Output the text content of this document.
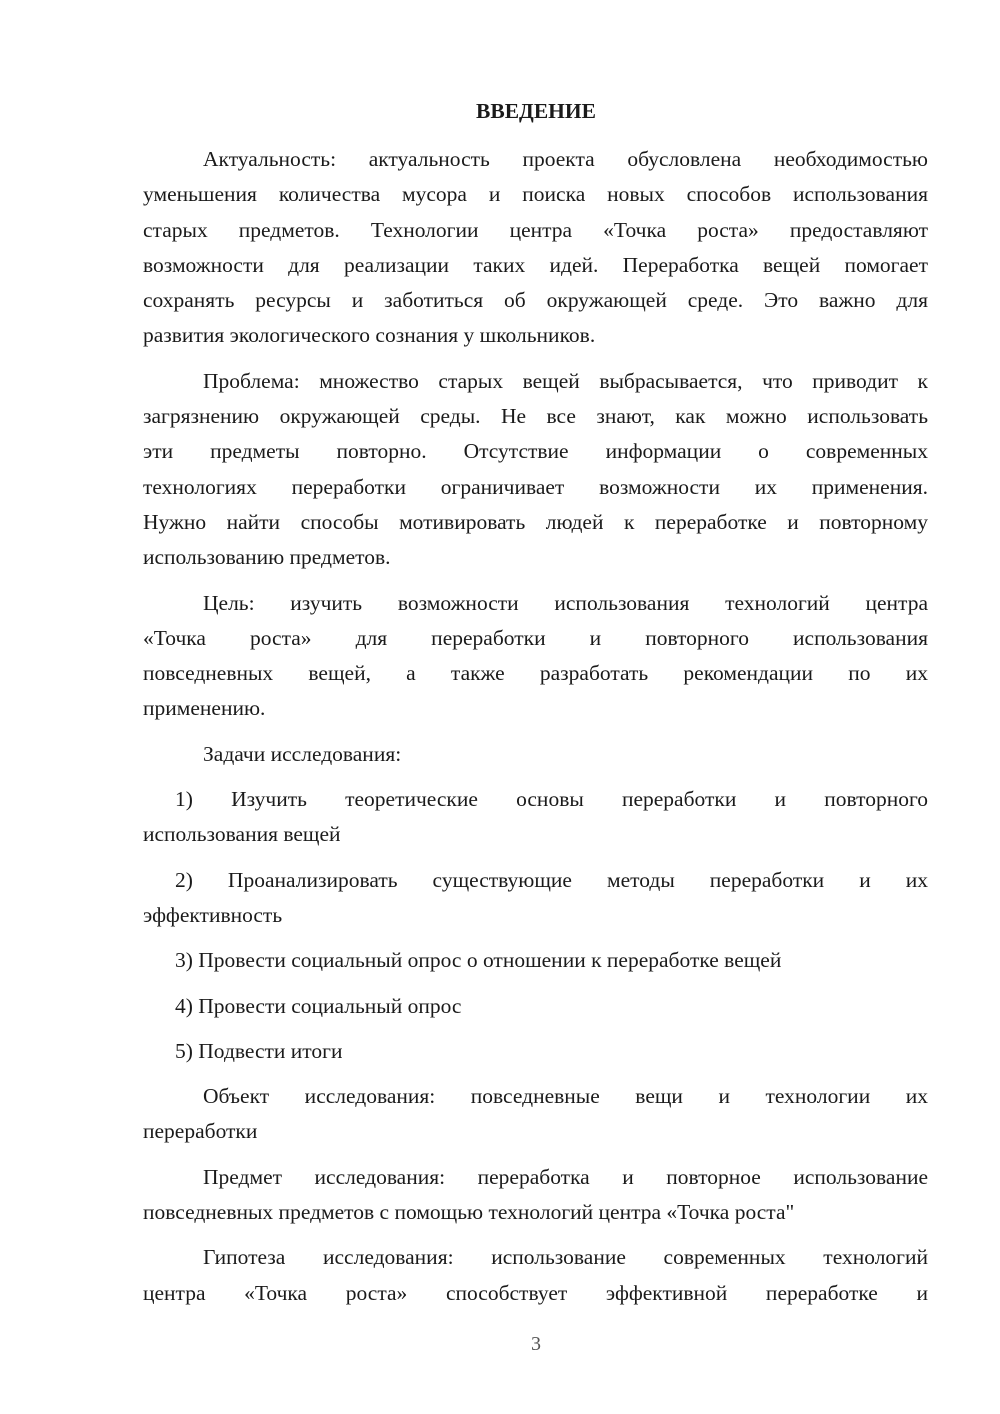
ВВЕДЕНИЕ
Актуальность: актуальность проекта обусловлена необходимостью
уменьшения количества мусора и поиска новых способов использования
старых предметов. Технологии центра «Точка роста» предоставляют
возможности для реализации таких идей. Переработка вещей помогает
сохранять ресурсы и заботиться об окружающей среде. Это важно для
развития экологического сознания у школьников.
Проблема: множество старых вещей выбрасывается, что приводит к
загрязнению окружающей среды. Не все знают, как можно использовать
эти предметы повторно. Отсутствие информации о современных
технологиях переработки ограничивает возможности их применения.
Нужно найти способы мотивировать людей к переработке и повторному
использованию предметов.
Цель: изучить возможности использования технологий центра
«Точка роста» для переработки и повторного использования
повседневных вещей, а также разработать рекомендации по их
применению.
Задачи исследования:
1) Изучить теоретические основы переработки и повторного
использования вещей
2) Проанализировать существующие методы переработки и их
эффективность
3) Провести социальный опрос о отношении к переработке вещей
4) Провести социальный опрос
5) Подвести итоги
Объект исследования: повседневные вещи и технологии их
переработки
Предмет исследования: переработка и повторное использование
повседневных предметов с помощью технологий центра «Точка роста"
Гипотеза исследования: использование современных технологий
центра «Точка роста» способствует эффективной переработке и
3
